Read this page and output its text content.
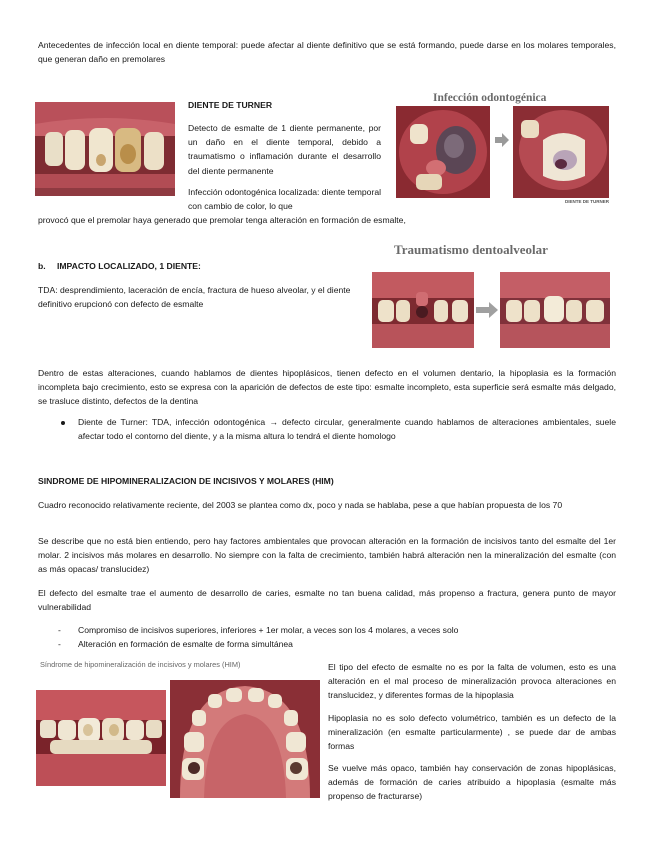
Antecedentes de infección local en diente temporal: puede afectar al diente definitivo que se está formando, puede darse en los molares temporales, que generan daño en premolares

DIENTE DE TURNER

Detecto de esmalte de 1 diente permanente, por un daño en el diente temporal, debido a traumatismo o inflamación durante el desarrollo del diente permanente

Infección odontogénica localizada: diente temporal con cambio de color, lo que

provocó que el premolar haya generado que premolar tenga alteración en formación de esmalte,

Infección odontogénica

DIENTE DE TURNER

b. IMPACTO LOCALIZADO, 1 DIENTE:

TDA: desprendimiento, laceración de encía, fractura de hueso alveolar, y el diente definitivo erupcionó con defecto de esmalte

Traumatismo dentoalveolar

Dentro de estas alteraciones, cuando hablamos de dientes hipoplásicos, tienen defecto en el volumen dentario, la hipoplasia es la formación incompleta bajo crecimiento, esto se expresa con la aparición de defectos de este tipo: esmalte incompleto, esta superficie será esmalte más delgado, se trasluce distinto, defectos de la dentina

Diente de Turner: TDA, infección odontogénica → defecto circular, generalmente cuando hablamos de alteraciones ambientales, suele afectar todo el contorno del diente, y a la misma altura lo tendrá el diente homologo

SINDROME DE HIPOMINERALIZACION DE INCISIVOS Y MOLARES (HIM)

Cuadro reconocido relativamente reciente, del 2003 se plantea como dx, poco y nada se hablaba, pese a que habían propuesta de los 70

Se describe que no está bien entiendo, pero hay factores ambientales que provocan alteración en la formación de incisivos tanto del esmalte del 1er molar. 2 incisivos más molares en desarrollo. No siempre con la falta de crecimiento, también habrá alteración nen la mineralización del esmalte (con as más opacas/ translucidez)

El defecto del esmalte trae el aumento de desarrollo de caries, esmalte no tan buena calidad, más propenso a fractura, genera punto de mayor vulnerabilidad

- Compromiso de incisivos superiores, inferiores + 1er molar, a veces son los 4 molares, a veces solo
- Alteración en formación de esmalte de forma simultánea

Síndrome de hipomineralización de incisivos y molares (HIM)	El tipo del efecto de esmalte no es por la falta de volumen, esto es una alteración en el mal proceso de mineralización provoca alteraciones en translucidez, y diferentes formas de la hipoplasia

Hipoplasia no es solo defecto volumétrico, también es un defecto de la mineralización (en esmalte particularmente) , se puede dar de ambas formas

Se vuelve más opaco, también hay conservación de zonas hipoplásicas, además de formación de caries atribuido a hipoplasia (esmalte más propenso de fracturarse)
